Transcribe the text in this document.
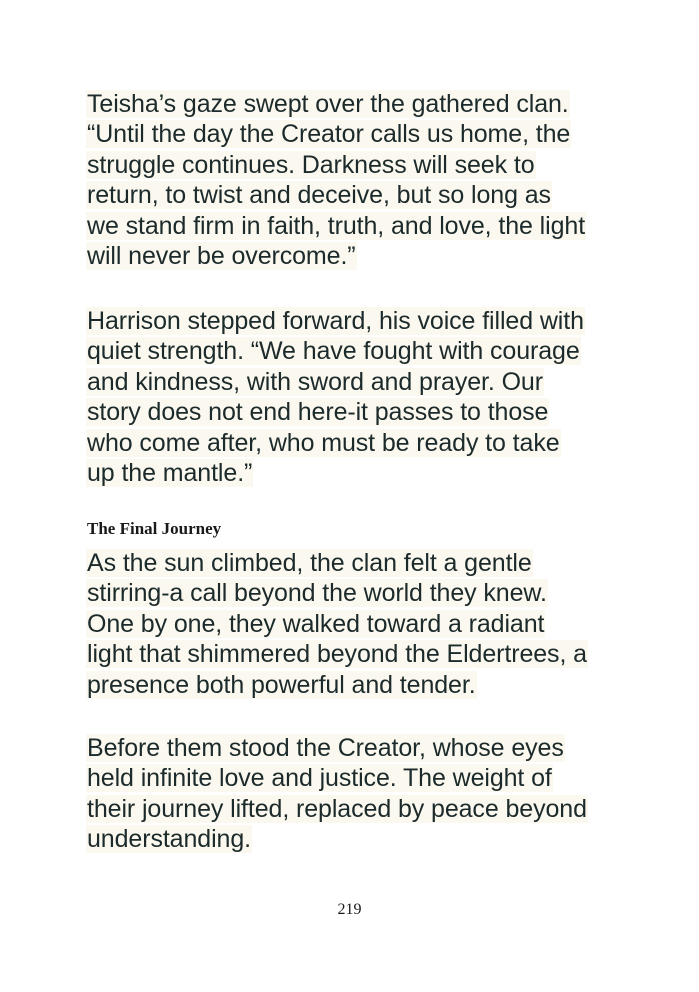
Teisha’s gaze swept over the gathered clan.
“Until the day the Creator calls us home, the
struggle continues. Darkness will seek to
return, to twist and deceive, but so long as
we stand firm in faith, truth, and love, the light
will never be overcome.”

Harrison stepped forward, his voice filled with
quiet strength. “We have fought with courage
and kindness, with sword and prayer. Our
story does not end here-it passes to those
who come after, who must be ready to take
up the mantle.”

The Final Journey

As the sun climbed, the clan felt a gentle
stirring-a call beyond the world they knew.
One by one, they walked toward a radiant
light that shimmered beyond the Eldertrees, a
presence both powerful and tender.

Before them stood the Creator, whose eyes
held infinite love and justice. The weight of
their journey lifted, replaced by peace beyond
understanding.

219
